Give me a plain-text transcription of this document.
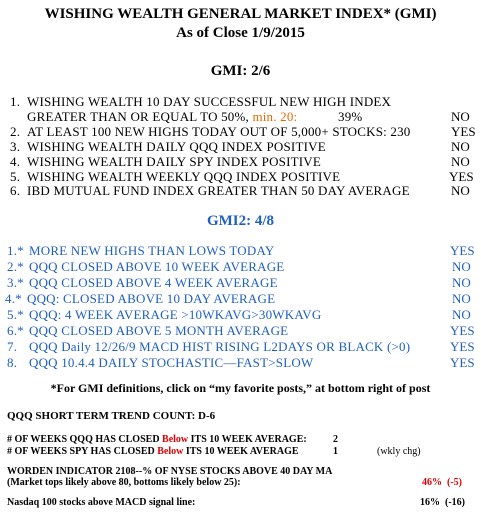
WISHING WEALTH GENERAL MARKET INDEX* (GMI)
As of Close 1/9/2015
GMI: 2/6
1. WISHING WEALTH 10 DAY SUCCESSFUL NEW HIGH INDEX
GREATER THAN OR EQUAL TO 50%, min. 20:	39%	NO
2. AT LEAST 100 NEW HIGHS TODAY OUT OF 5,000+ STOCKS: 230	YES
3. WISHING WEALTH DAILY QQQ INDEX POSITIVE	NO
4. WISHING WEALTH DAILY SPY INDEX POSITIVE	NO
5. WISHING WEALTH WEEKLY QQQ INDEX POSITIVE	YES
6. IBD MUTUAL FUND INDEX GREATER THAN 50 DAY AVERAGE	NO
GMI2: 4/8
1.* MORE NEW HIGHS THAN LOWS TODAY	YES
2.* QQQ CLOSED ABOVE 10 WEEK AVERAGE	NO
3.* QQQ CLOSED ABOVE 4 WEEK AVERAGE	NO
4.* QQQ: CLOSED ABOVE 10 DAY AVERAGE	NO
5.* QQQ: 4 WEEK AVERAGE >10WKAVG>30WKAVG	NO
6.* QQQ CLOSED ABOVE 5 MONTH AVERAGE	YES
7. QQQ Daily 12/26/9 MACD HIST RISING L2DAYS OR BLACK (>0)	YES
8. QQQ 10.4.4 DAILY STOCHASTIC—FAST>SLOW	YES
*For GMI definitions, click on “my favorite posts,” at bottom right of post
QQQ SHORT TERM TREND COUNT: D-6
# OF WEEKS QQQ HAS CLOSED Below ITS 10 WEEK AVERAGE:	2
# OF WEEKS SPY HAS CLOSED Below ITS 10 WEEK AVERAGE	1	(wkly chg)
WORDEN INDICATOR 2108--% OF NYSE STOCKS ABOVE 40 DAY MA
(Market tops likely above 80, bottoms likely below 25):	46% (-5)
Nasdaq 100 stocks above MACD signal line:	16% (-16)
